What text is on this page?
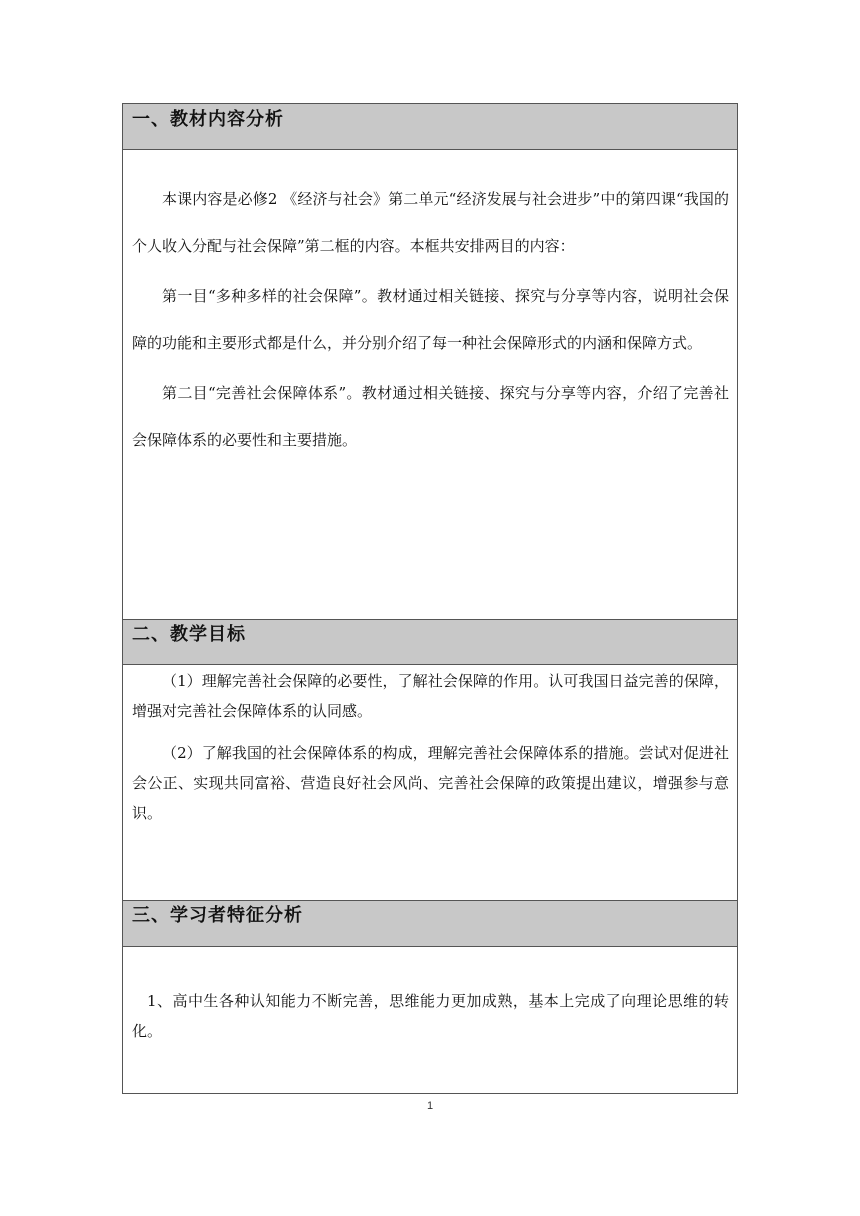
一、教材内容分析

本课内容是必修2 《经济与社会》第二单元“经济发展与社会进步”中的第四课“我国的个人收入分配与社会保障”第二框的内容。本框共安排两目的内容：

第一目“多种多样的社会保障”。教材通过相关链接、探究与分享等内容，说明社会保障的功能和主要形式都是什么，并分别介绍了每一种社会保障形式的内涵和保障方式。

第二目“完善社会保障体系”。教材通过相关链接、探究与分享等内容，介绍了完善社会保障体系的必要性和主要措施。

二、教学目标

（1）理解完善社会保障的必要性，了解社会保障的作用。认可我国日益完善的保障，增强对完善社会保障体系的认同感。

（2）了解我国的社会保障体系的构成，理解完善社会保障体系的措施。尝试对促进社会公正、实现共同富裕、营造良好社会风尚、完善社会保障的政策提出建议，增强参与意识。

三、学习者特征分析

1、高中生各种认知能力不断完善，思维能力更加成熟，基本上完成了向理论思维的转化。

1
